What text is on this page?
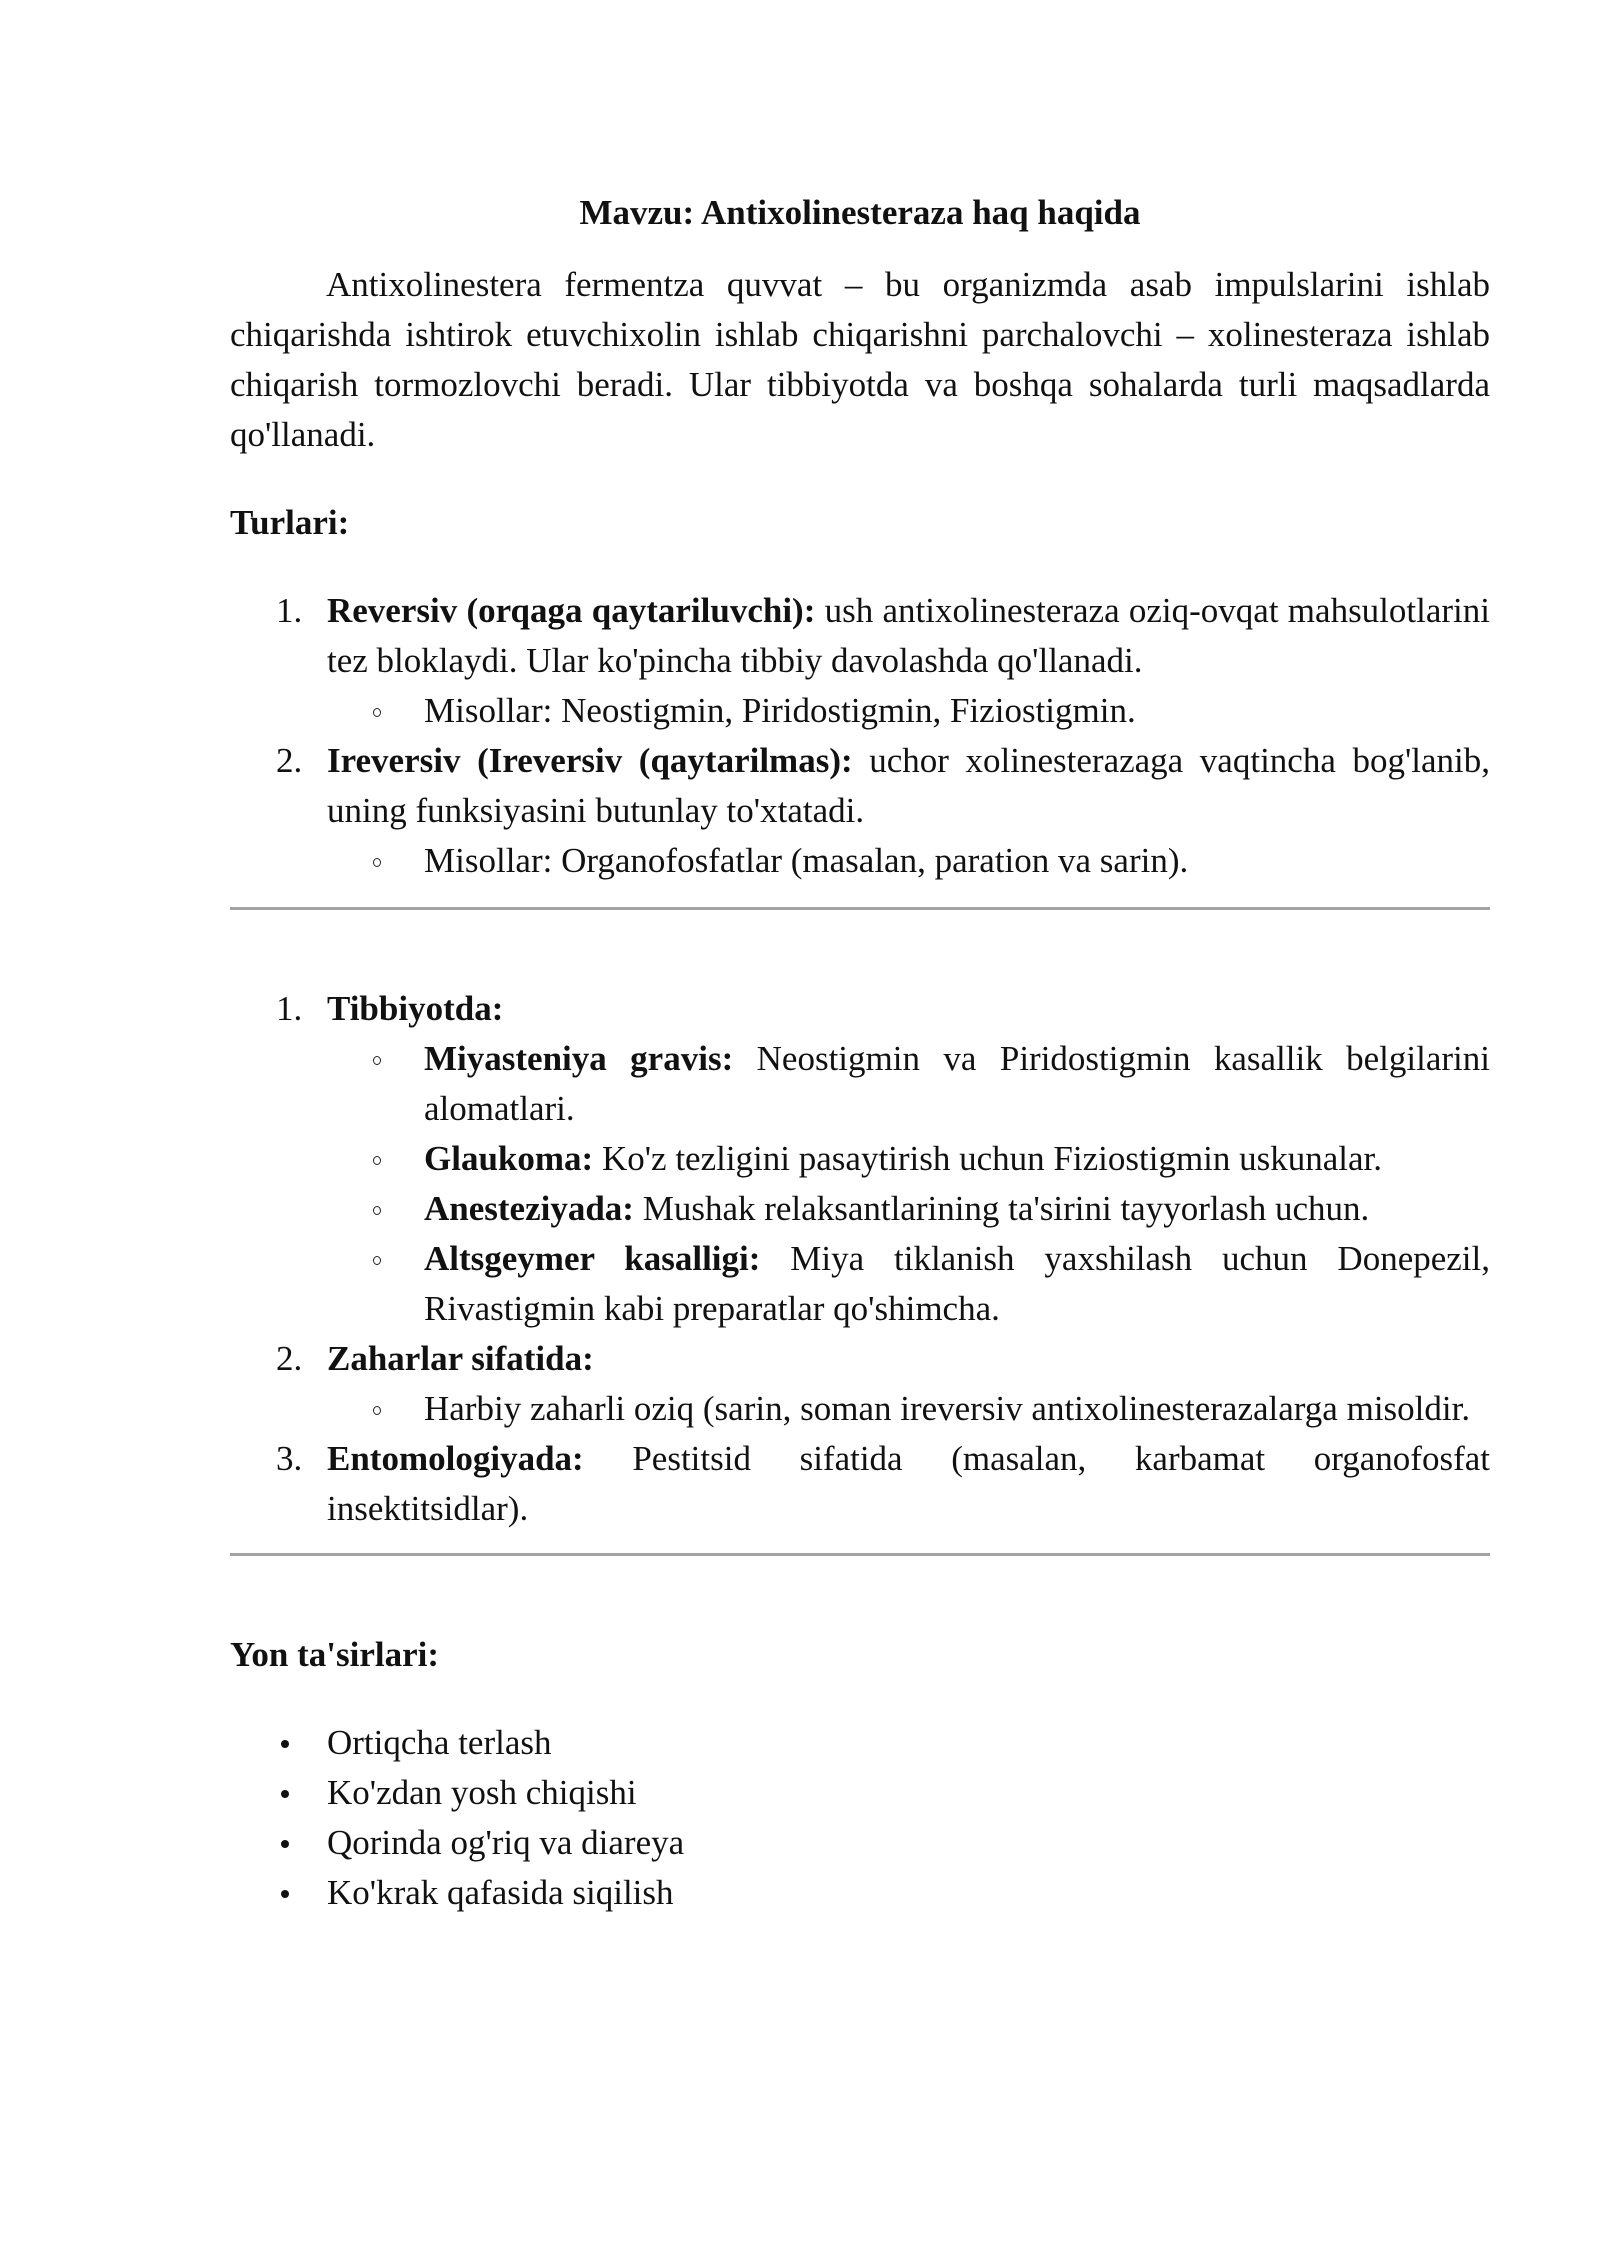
Mavzu: Antixolinesteraza haq haqida

Antixolinestera fermentza quvvat – bu organizmda asab impulslarini ishlab chiqarishda ishtirok etuvchixolin ishlab chiqarishni parchalovchi – xolinesteraza ishlab chiqarish tormozlovchi beradi. Ular tibbiyotda va boshqa sohalarda turli maqsadlarda qo'llanadi.

Turlari:
1. Reversiv (orqaga qaytariluvchi): ush antixolinesteraza oziq-ovqat mahsulotlarini tez bloklaydi. Ular ko'pincha tibbiy davolashda qo'llanadi.
Misollar: Neostigmin, Piridostigmin, Fiziostigmin.
2. Ireversiv (Ireversiv (qaytarilmas): uchor xolinesterazaga vaqtincha bog'lanib, uning funksiyasini butunlay to'xtatadi.
Misollar: Organofosfatlar (masalan, paration va sarin).
1. Tibbiyotda:
Miyasteniya gravis: Neostigmin va Piridostigmin kasallik belgilarini alomatlari.
Glaukoma: Ko'z tezligini pasaytirish uchun Fiziostigmin uskunalar.
Anesteziyada: Mushak relaksantlarining ta'sirini tayyorlash uchun.
Altsgeymer kasalligi: Miya tiklanish yaxshilash uchun Donepezil, Rivastigmin kabi preparatlar qo'shimcha.
2. Zaharlar sifatida:
Harbiy zaharli oziq (sarin, soman ireversiv antixolinesterazalarga misoldir.
3. Entomologiyada: Pestitsid sifatida (masalan, karbamat organofosfat insektitsidlar).
Yon ta'sirlari:
Ortiqcha terlash
Ko'zdan yosh chiqishi
Qorinda og'riq va diareya
Ko'krak qafasida siqilish
